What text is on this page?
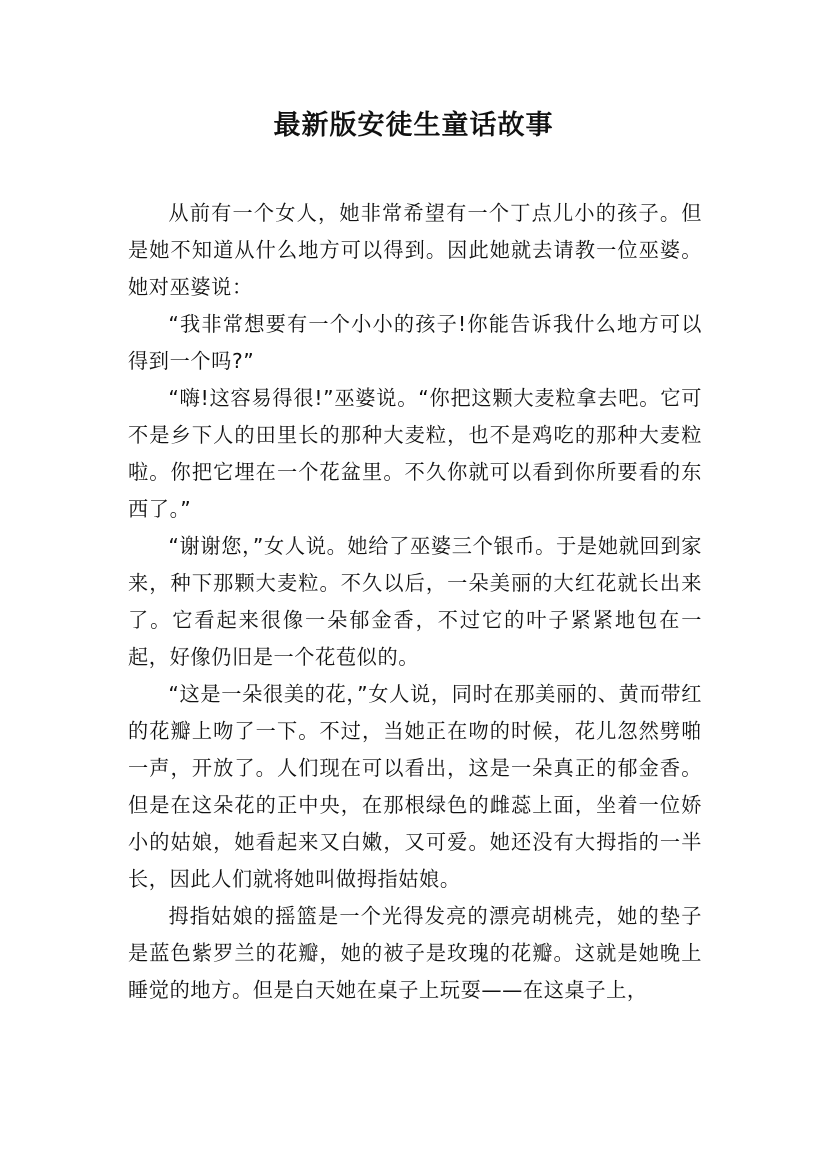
最新版安徒生童话故事

从前有一个女人，她非常希望有一个丁点儿小的孩子。但是她不知道从什么地方可以得到。因此她就去请教一位巫婆。她对巫婆说：

“我非常想要有一个小小的孩子!你能告诉我什么地方可以得到一个吗?”

“嗨!这容易得很!”巫婆说。“你把这颗大麦粒拿去吧。它可不是乡下人的田里长的那种大麦粒，也不是鸡吃的那种大麦粒啦。你把它埋在一个花盆里。不久你就可以看到你所要看的东西了。”

“谢谢您，”女人说。她给了巫婆三个银币。于是她就回到家来，种下那颗大麦粒。不久以后，一朵美丽的大红花就长出来了。它看起来很像一朵郁金香，不过它的叶子紧紧地包在一起，好像仍旧是一个花苞似的。

“这是一朵很美的花，”女人说，同时在那美丽的、黄而带红的花瓣上吻了一下。不过，当她正在吻的时候，花儿忽然劈啪一声，开放了。人们现在可以看出，这是一朵真正的郁金香。但是在这朵花的正中央，在那根绿色的雌蕊上面，坐着一位娇小的姑娘，她看起来又白嫩，又可爱。她还没有大拇指的一半长，因此人们就将她叫做拇指姑娘。

拇指姑娘的摇篮是一个光得发亮的漂亮胡桃壳，她的垫子是蓝色紫罗兰的花瓣，她的被子是玫瑰的花瓣。这就是她晚上睡觉的地方。但是白天她在桌子上玩耍——在这桌子上，
